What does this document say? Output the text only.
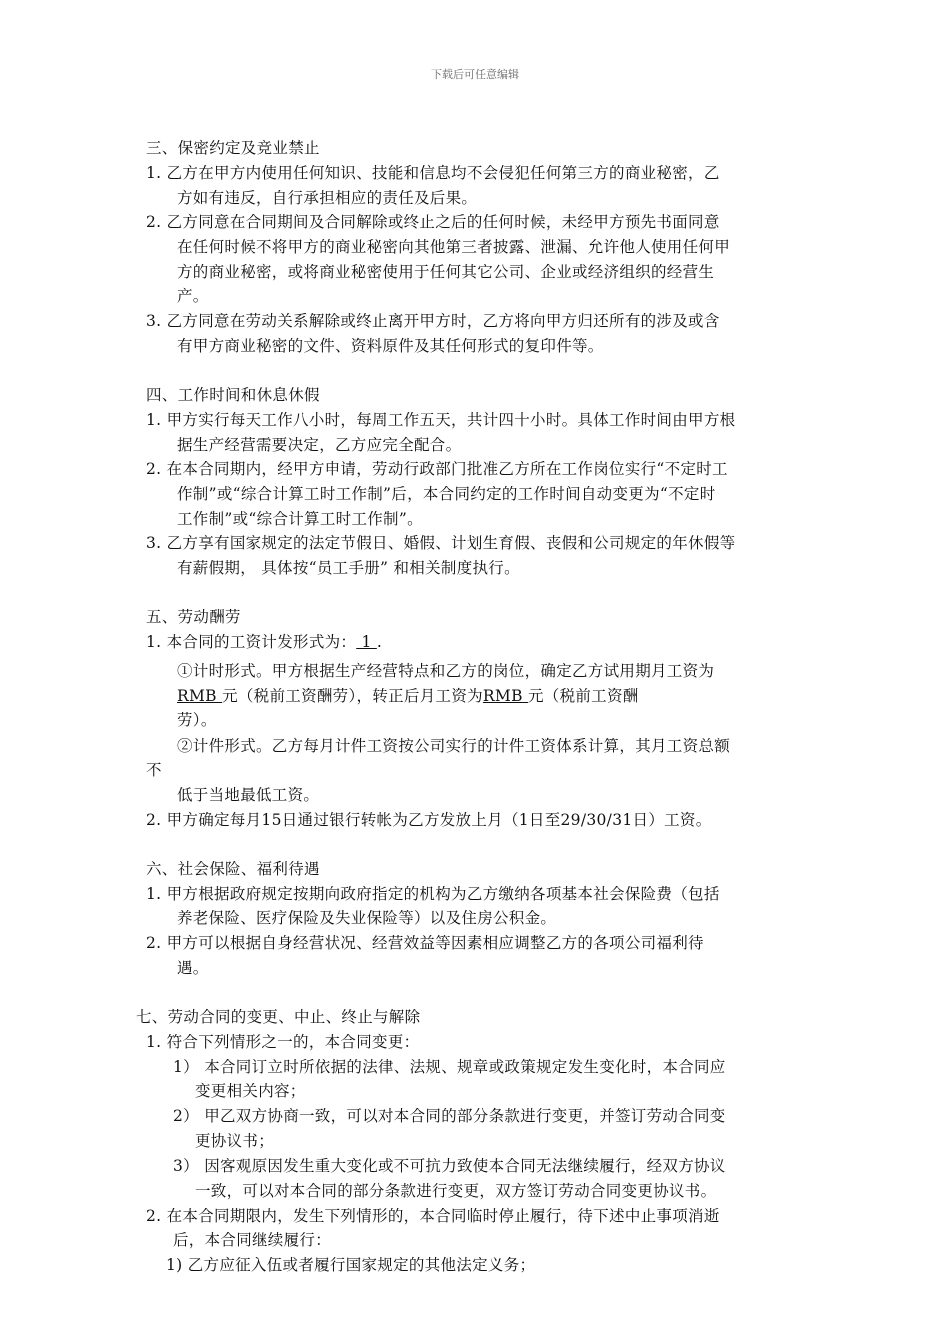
下载后可任意编辑
三、保密约定及竞业禁止
1. 乙方在甲方内使用任何知识、技能和信息均不会侵犯任何第三方的商业秘密，乙
方如有违反，自行承担相应的责任及后果。
2. 乙方同意在合同期间及合同解除或终止之后的任何时候，未经甲方预先书面同意
在任何时候不将甲方的商业秘密向其他第三者披露、泄漏、允许他人使用任何甲
方的商业秘密，或将商业秘密使用于任何其它公司、企业或经济组织的经营生
产。
3. 乙方同意在劳动关系解除或终止离开甲方时，乙方将向甲方归还所有的涉及或含
有甲方商业秘密的文件、资料原件及其任何形式的复印件等。
四、工作时间和休息休假
1. 甲方实行每天工作八小时，每周工作五天，共计四十小时。具体工作时间由甲方根
据生产经营需要决定，乙方应完全配合。
2. 在本合同期内，经甲方申请，劳动行政部门批准乙方所在工作岗位实行“不定时工
作制”或“综合计算工时工作制”后，本合同约定的工作时间自动变更为“不定时
工作制”或“综合计算工时工作制”。
3. 乙方享有国家规定的法定节假日、婚假、计划生育假、丧假和公司规定的年休假等
有薪假期， 具体按“员工手册” 和相关制度执行。
五、劳动酬劳
1. 本合同的工资计发形式为： 1 .
①计时形式。甲方根据生产经营特点和乙方的岗位，确定乙方试用期月工资为
RMB 元（税前工资酬劳），转正后月工资为RMB 元（税前工资酬
劳）。
②计件形式。乙方每月计件工资按公司实行的计件工资体系计算，其月工资总额
不
低于当地最低工资。
2. 甲方确定每月15日通过银行转帐为乙方发放上月（1日至29/30/31日）工资。
六、社会保险、福利待遇
1. 甲方根据政府规定按期向政府指定的机构为乙方缴纳各项基本社会保险费（包括
养老保险、医疗保险及失业保险等）以及住房公积金。
2. 甲方可以根据自身经营状况、经营效益等因素相应调整乙方的各项公司福利待
遇。
七、劳动合同的变更、中止、终止与解除
1. 符合下列情形之一的，本合同变更：
1） 本合同订立时所依据的法律、法规、规章或政策规定发生变化时，本合同应
变更相关内容；
2） 甲乙双方协商一致，可以对本合同的部分条款进行变更，并签订劳动合同变
更协议书；
3） 因客观原因发生重大变化或不可抗力致使本合同无法继续履行，经双方协议
一致，可以对本合同的部分条款进行变更，双方签订劳动合同变更协议书。
2. 在本合同期限内，发生下列情形的，本合同临时停止履行，待下述中止事项消逝
后，本合同继续履行：
1) 乙方应征入伍或者履行国家规定的其他法定义务；
